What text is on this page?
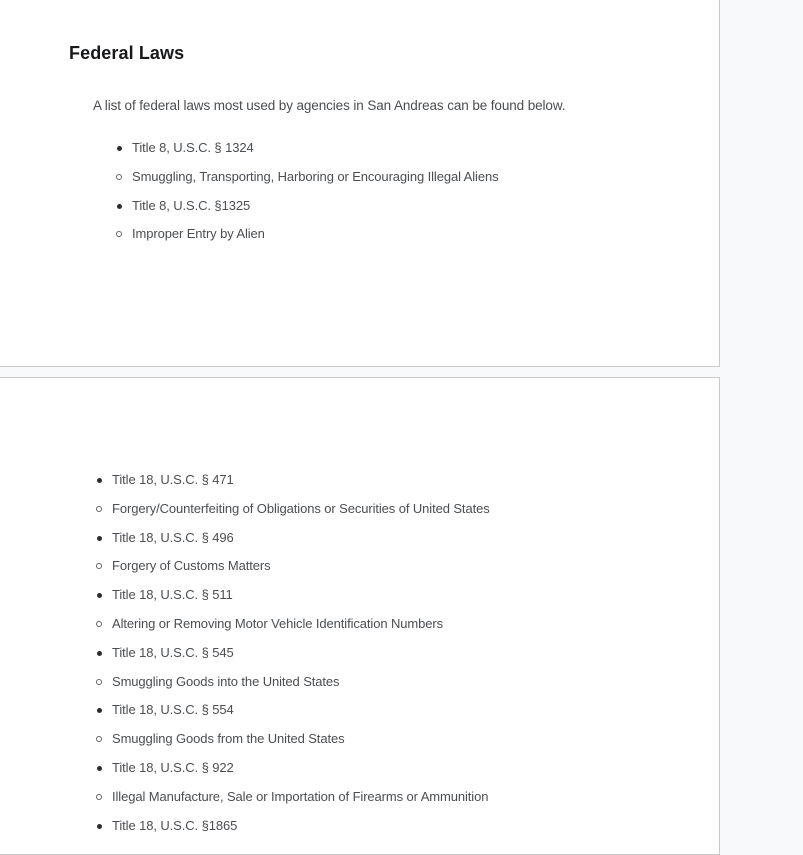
Federal Laws

A list of federal laws most used by agencies in San Andreas can be found below.

Title 8, U.S.C. § 1324
Smuggling, Transporting, Harboring or Encouraging Illegal Aliens
Title 8, U.S.C. §1325
Improper Entry by Alien
Title 18, U.S.C. § 471
Forgery/Counterfeiting of Obligations or Securities of United States
Title 18, U.S.C. § 496
Forgery of Customs Matters
Title 18, U.S.C. § 511
Altering or Removing Motor Vehicle Identification Numbers
Title 18, U.S.C. § 545
Smuggling Goods into the United States
Title 18, U.S.C. § 554
Smuggling Goods from the United States
Title 18, U.S.C. § 922
Illegal Manufacture, Sale or Importation of Firearms or Ammunition
Title 18, U.S.C. §1865
